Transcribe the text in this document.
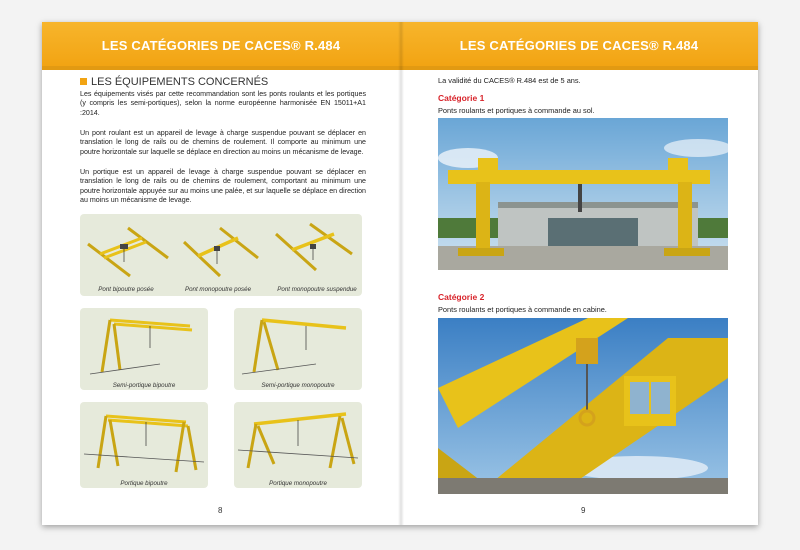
LES CATÉGORIES DE CACES® R.484
LES ÉQUIPEMENTS CONCERNÉS

Les équipements visés par cette recommandation sont les ponts roulants et les portiques (y compris les semi-portiques), selon la norme européenne harmonisée EN 15011+A1 :2014.

Un pont roulant est un appareil de levage à charge suspendue pouvant se déplacer en translation le long de rails ou de chemins de roulement. Il comporte au minimum une poutre horizontale sur laquelle se déplace en direction au moins un mécanisme de levage.

Un portique est un appareil de levage à charge suspendue pouvant se déplacer en translation le long de rails ou de chemins de roulement, comportant au minimum une poutre horizontale appuyée sur au moins une palée, et sur laquelle se déplace en direction au moins un mécanisme de levage.

Pont bipoutre posée	Pont monopoutre posée	Pont monopoutre suspendue
Semi-portique bipoutre	Semi-portique monopoutre
Portique bipoutre	Portique monopoutre
8
LES CATÉGORIES DE CACES® R.484
La validité du CACES® R.484 est de 5 ans.
Catégorie 1
Ponts roulants et portiques à commande au sol.
Catégorie 2
Ponts roulants et portiques à commande en cabine.
9
